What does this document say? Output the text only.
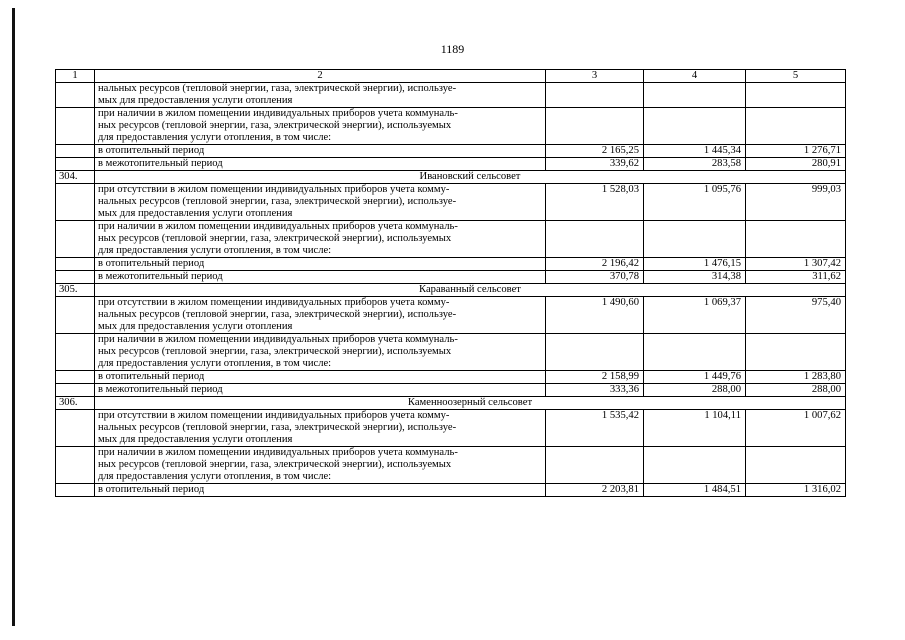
1189
1	2	3	4	5
	нальных ресурсов (тепловой энергии, газа, электрической энергии), используе-
мых для предоставления услуги отопления			
	при наличии в жилом помещении индивидуальных приборов учета коммуналь-
ных ресурсов (тепловой энергии, газа, электрической энергии), используемых
для предоставления услуги отопления, в том числе:			
	в отопительный период	2 165,25	1 445,34	1 276,71
	в межотопительный период	339,62	283,58	280,91
304.	Ивановский сельсовет			
	при отсутствии в жилом помещении индивидуальных приборов учета комму-
нальных ресурсов (тепловой энергии, газа, электрической энергии), используе-
мых для предоставления услуги отопления	1 528,03	1 095,76	999,03
	при наличии в жилом помещении индивидуальных приборов учета коммуналь-
ных ресурсов (тепловой энергии, газа, электрической энергии), используемых
для предоставления услуги отопления, в том числе:			
	в отопительный период	2 196,42	1 476,15	1 307,42
	в межотопительный период	370,78	314,38	311,62
305.	Караванный сельсовет			
	при отсутствии в жилом помещении индивидуальных приборов учета комму-
нальных ресурсов (тепловой энергии, газа, электрической энергии), используе-
мых для предоставления услуги отопления	1 490,60	1 069,37	975,40
	при наличии в жилом помещении индивидуальных приборов учета коммуналь-
ных ресурсов (тепловой энергии, газа, электрической энергии), используемых
для предоставления услуги отопления, в том числе:			
	в отопительный период	2 158,99	1 449,76	1 283,80
	в межотопительный период	333,36	288,00	288,00
306.	Каменноозерный сельсовет			
	при отсутствии в жилом помещении индивидуальных приборов учета комму-
нальных ресурсов (тепловой энергии, газа, электрической энергии), используе-
мых для предоставления услуги отопления	1 535,42	1 104,11	1 007,62
	при наличии в жилом помещении индивидуальных приборов учета коммуналь-
ных ресурсов (тепловой энергии, газа, электрической энергии), используемых
для предоставления услуги отопления, в том числе:			
	в отопительный период	2 203,81	1 484,51	1 316,02
